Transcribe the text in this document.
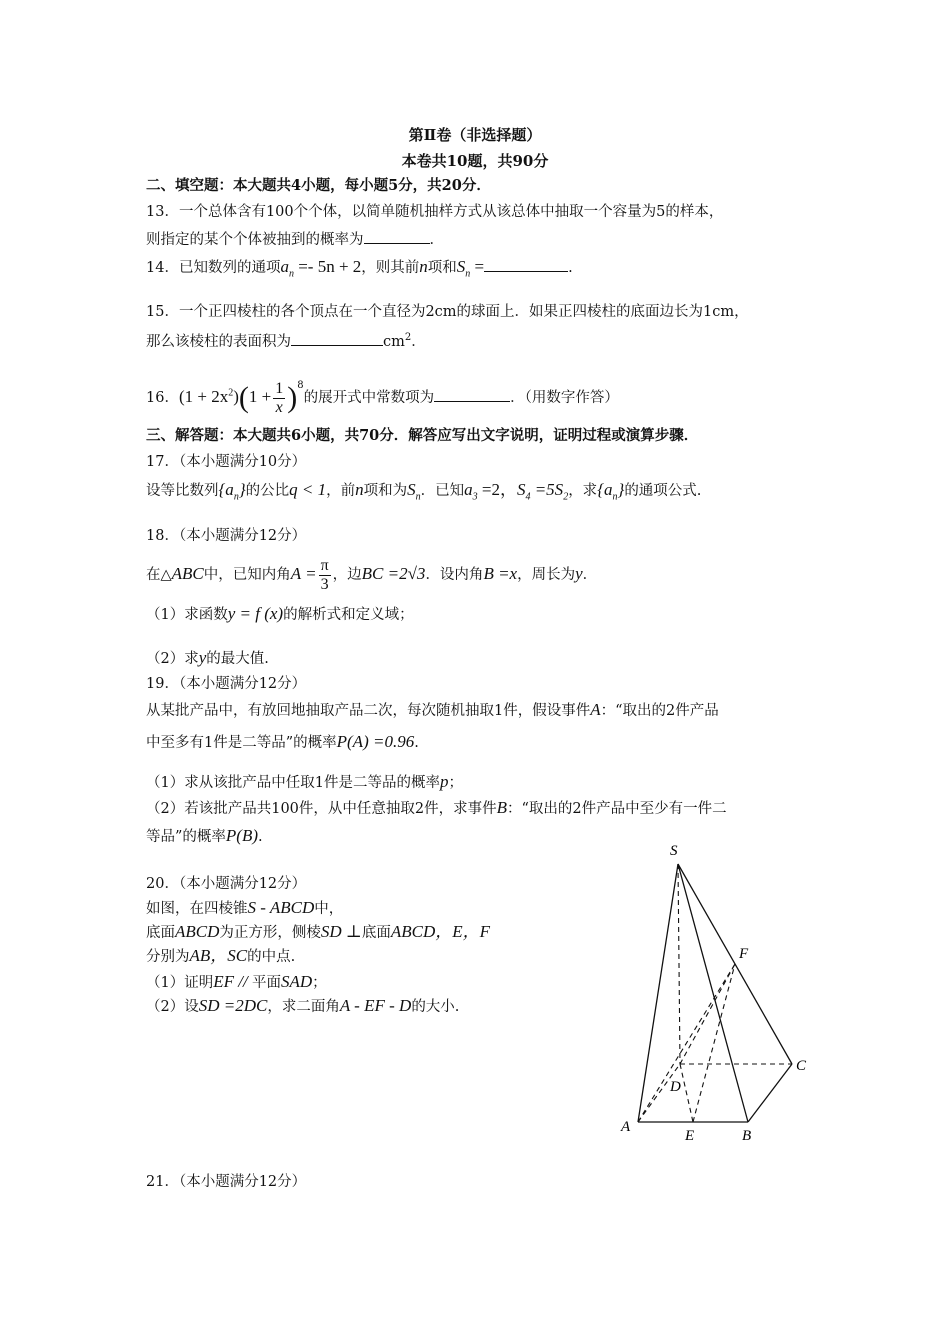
第Ⅱ卷（非选择题）
本卷共10题，共90分
二、填空题：本大题共4小题，每小题5分，共20分．
13．一个总体含有100个个体，以简单随机抽样方式从该总体中抽取一个容量为5的样本，
则指定的某个个体被抽到的概率为	．
14．已知数列的通项$a_n =- 5n + 2$，则其前n项和$S_n$ =	.
15．一个正四棱柱的各个顶点在一个直径为2cm的球面上．如果正四棱柱的底面边长为1cm，
那么该棱柱的表面积为	$cm^2$．
16．$(1 + 2x^2)(1 + \frac{1}{x} )^8$的展开式中常数项为	．（用数字作答）
三、解答题：本大题共6小题，共70分．解答应写出文字说明，证明过程或演算步骤．
17．（本小题满分10分）
设等比数列$\{a_n\}$的公比q < 1，前n项和为$S_n$．已知$a_3 =2$，$S_4 =5S_2$，求$\{a_n\}$的通项公式.
18．（本小题满分12分）
在△ABC中，已知内角$A = \frac{\pi}{3}$ ，边BC =2√3．设内角B =x，周长为y．
（1）求函数y = f (x)的解析式和定义域；
（2）求y的最大值.
19．（本小题满分12分）
从某批产品中，有放回地抽取产品二次，每次随机抽取1件，假设事件A：“取出的2件产品
中至多有1件是二等品”的概率P(A) =0.96.
（1）求从该批产品中任取1件是二等品的概率p；
（2）若该批产品共100件，从中任意抽取2件，求事件B：“取出的2件产品中至少有一件二
等品”的概率P(B).
20．（本小题满分12分）
如图，在四棱锥S - ABCD中，
底面ABCD为正方形，侧棱SD ⊥底面ABCD，E，F
分别为AB，SC的中点.
（1）证明EF // 平面SAD；
（2）设SD =2DC，求二面角A - EF - D的大小.
S
F
C
D
A
E	B
21．（本小题满分12分）
